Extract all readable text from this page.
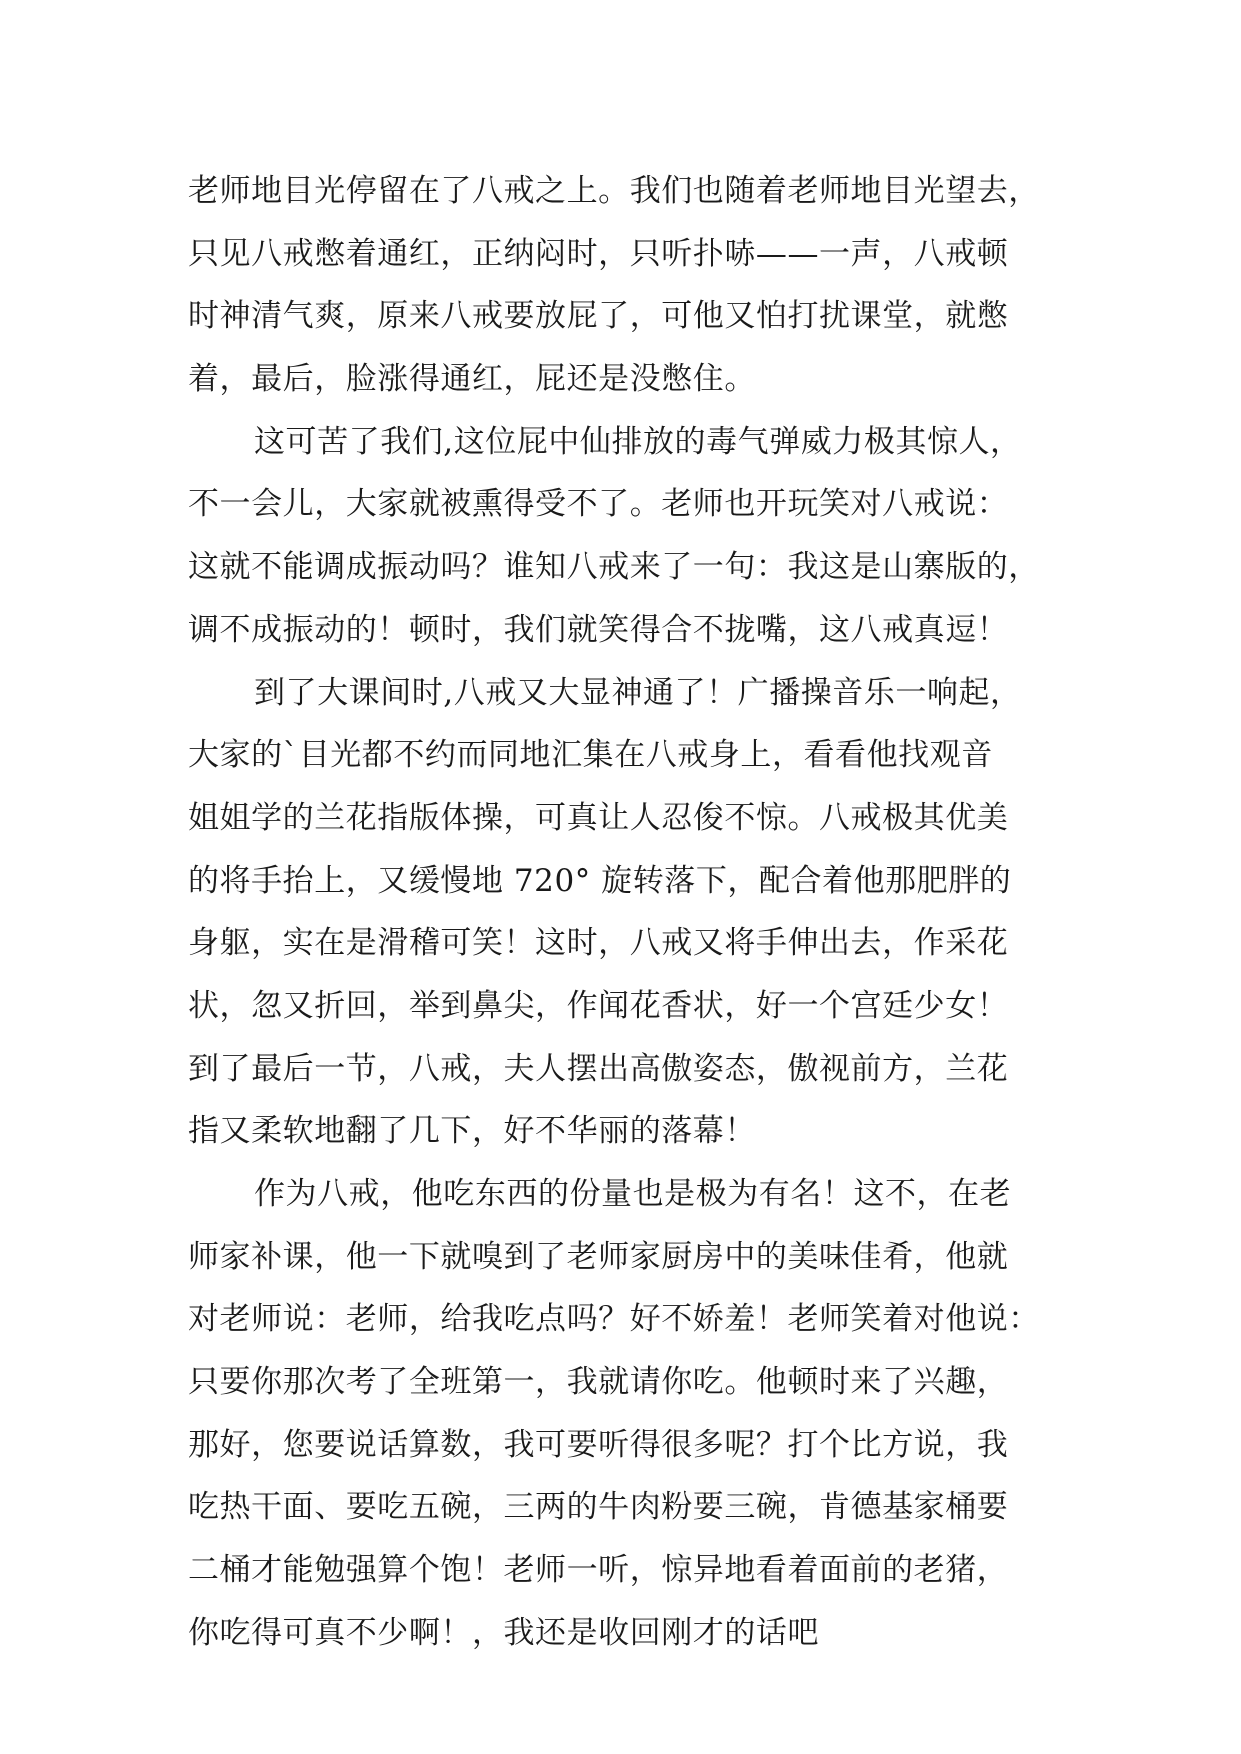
老师地目光停留在了八戒之上。我们也随着老师地目光望去，
只见八戒憋着通红，正纳闷时，只听扑哧——一声，八戒顿
时神清气爽，原来八戒要放屁了，可他又怕打扰课堂，就憋
着，最后，脸涨得通红，屁还是没憋住。
这可苦了我们,这位屁中仙排放的毒气弹威力极其惊人，
不一会儿，大家就被熏得受不了。老师也开玩笑对八戒说：
这就不能调成振动吗？谁知八戒来了一句：我这是山寨版的，
调不成振动的！顿时，我们就笑得合不拢嘴，这八戒真逗！
到了大课间时,八戒又大显神通了！广播操音乐一响起，
大家的`目光都不约而同地汇集在八戒身上，看看他找观音
姐姐学的兰花指版体操，可真让人忍俊不惊。八戒极其优美
的将手抬上，又缓慢地 720° 旋转落下，配合着他那肥胖的
身躯，实在是滑稽可笑！这时，八戒又将手伸出去，作采花
状，忽又折回，举到鼻尖，作闻花香状，好一个宫廷少女！
到了最后一节，八戒，夫人摆出高傲姿态，傲视前方，兰花
指又柔软地翻了几下，好不华丽的落幕！
作为八戒，他吃东西的份量也是极为有名！这不，在老
师家补课，他一下就嗅到了老师家厨房中的美味佳肴，他就
对老师说：老师，给我吃点吗？好不娇羞！老师笑着对他说：
只要你那次考了全班第一，我就请你吃。他顿时来了兴趣，
那好，您要说话算数，我可要听得很多呢？打个比方说，我
吃热干面、要吃五碗，三两的牛肉粉要三碗，肯德基家桶要
二桶才能勉强算个饱！老师一听，惊异地看着面前的老猪，
你吃得可真不少啊！，我还是收回刚才的话吧
